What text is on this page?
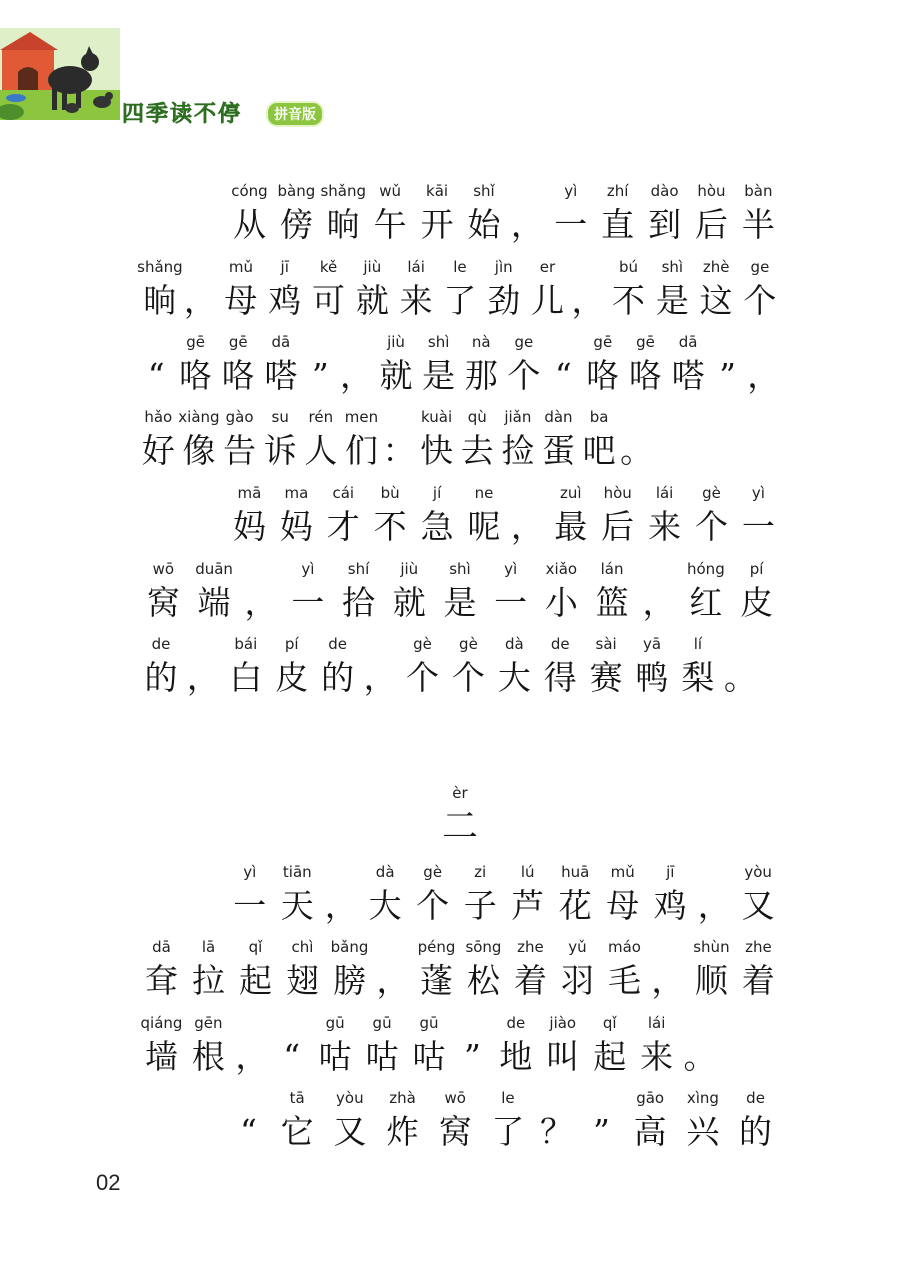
四季读不停	拼音版
cóng
从
bàng
傍
shǎng
晌
wǔ
午
kāi
开
shǐ
始 ，
yì
一
zhí
直
dào
到
hòu
后
bàn
半
shǎng
晌 ，
mǔ
母
jī
鸡
kě
可
jiù
就
lái
来
le
了
jìn
劲
er
儿 ，
bú
不
shì
是
zhè
这
ge
个
“
gē
咯
gē
咯
dā
嗒 ” ，
jiù
就
shì
是
nà
那
ge
个 “
gē
咯
gē
咯
dā
嗒 ” ，
hǎo
好
xiàng
像
gào
告
su
诉
rén
人
men
们 ：
kuài
快
qù
去
jiǎn
捡
dàn
蛋
ba
吧 。
mā
妈
ma
妈
cái
才
bù
不
jí
急
ne
呢 ，
zuì
最
hòu
后
lái
来
gè
个
yì
一
wō
窝
duān
端 ，
yì
一
shí
拾
jiù
就
shì
是
yì
一
xiǎo
小
lán
篮 ，
hóng
红
pí
皮
de
的 ，
bái
白
pí
皮
de
的 ，
gè
个
gè
个
dà
大
de
得
sài
赛
yā
鸭
lí
梨 。
yì
一
tiān
天 ，
dà
大
gè
个
zi
子
lú
芦
huā
花
mǔ
母
jī
鸡 ，
yòu
又
dā
耷
lā
拉
qǐ
起
chì
翅
bǎng
膀 ，
péng
蓬
sōng
松
zhe
着
yǔ
羽
máo
毛 ，
shùn
顺
zhe
着
qiáng
墙
gēn
根 ， “
gū
咕
gū
咕
gū
咕 ”
de
地
jiào
叫
qǐ
起
lái
来 。
“
tā
它
yòu
又
zhà
炸
wō
窝
le
了 ？ ”
gāo
高
xìng
兴
de
的
èr
二
02
